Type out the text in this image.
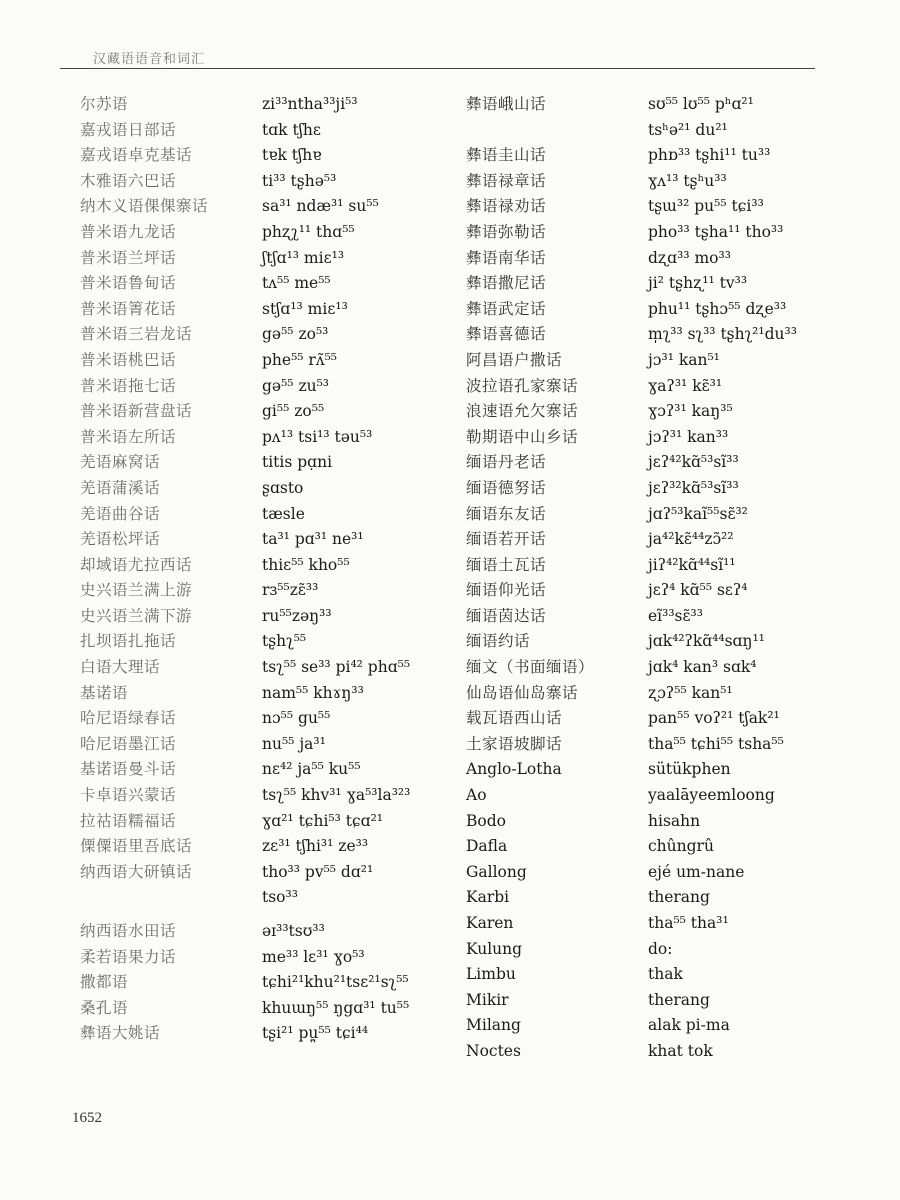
汉藏语语音和词汇
尔苏语
嘉戎语日部话
嘉戎语卓克基话
木雅语六巴话
纳木义语倮倮寨话
普米语九龙话
普米语兰坪话
普米语鲁甸话
普米语箐花话
普米语三岩龙话
普米语桃巴话
普米语拖七话
普米语新营盘话
普米语左所话
羌语麻窝话
羌语蒲溪话
羌语曲谷话
羌语松坪话
却域语尤拉西话
史兴语兰满上游
史兴语兰满下游
扎坝语扎拖话
白语大理话
基诺语
哈尼语绿春话
哈尼语墨江话
基诺语曼斗话
卡卓语兴蒙话
拉祜语糯福话
傈僳语里吾底话
纳西语大研镇话
纳西语水田话
柔若语果力话
撒都语
桑孔语
彝语大姚话
zi³³ntha³³ji⁵³
tɑk tʃhɛ
tɐk tʃhɐ
ti³³ tʂhə⁵³
sa³¹ ndæ³¹ su⁵⁵
phʐʅ¹¹ thɑ⁵⁵
ʃtʃɑ¹³ miɛ¹³
tʌ⁵⁵ me⁵⁵
stʃɑ¹³ miɛ¹³
gə⁵⁵ zo⁵³
phe⁵⁵ rʌ̃⁵⁵
gə⁵⁵ zu⁵³
gi⁵⁵ zo⁵⁵
pʌ¹³ tsi¹³ təu⁵³
titis pɑ̣ni
ʂɑsto
tæsle
ta³¹ pɑ³¹ ne³¹
thiɛ⁵⁵ kho⁵⁵
rɜ⁵⁵zɛ̃³³
ru⁵⁵zəŋ³³
tʂhʅ⁵⁵
tsʅ⁵⁵ se³³ pi⁴² phɑ⁵⁵
nam⁵⁵ khɤŋ³³
nɔ⁵⁵ gu⁵⁵
nu⁵⁵ ja³¹
nɛ⁴² ja⁵⁵ ku⁵⁵
tsʅ⁵⁵ khv³¹ ɣa⁵³la³²³
ɣɑ²¹ tɕhi⁵³ tɕɑ²¹
zɛ³¹ tʃhi³¹ ze³³
tho³³ pv⁵⁵ dɑ²¹
tso³³
əɪ³³tsʊ³³
me³³ lɛ³¹ ɣo⁵³
tɕhi²¹khu²¹tsɛ²¹sʅ⁵⁵
khuɯŋ⁵⁵ ŋgɑ³¹ tu⁵⁵
tʂi²¹ pu̪⁵⁵ tɕi⁴⁴
彝语峨山话
彝语圭山话
彝语禄章话
彝语禄劝话
彝语弥勒话
彝语南华话
彝语撒尼话
彝语武定话
彝语喜德话
阿昌语户撒话
波拉语孔家寨话
浪速语允欠寨话
勒期语中山乡话
缅语丹老话
缅语德努话
缅语东友话
缅语若开话
缅语土瓦话
缅语仰光话
缅语茵达话
缅语约话
缅文（书面缅语）
仙岛语仙岛寨话
载瓦语西山话
土家语坡脚话
Anglo-Lotha
Ao
Bodo
Dafla
Gallong
Karbi
Karen
Kulung
Limbu
Mikir
Milang
Noctes
sʊ⁵⁵ lʊ⁵⁵ pʰɑ²¹
tsʰə²¹ du²¹
phɒ³³ tʂhi¹¹ tu³³
ɣʌ¹³ tʂʰu³³
tʂɯ³² pu⁵⁵ tɕi³³
pho³³ tʂha¹¹ tho³³
dʐɑ³³ mo³³
ji² tʂhʐ¹¹ tv³³
phu¹¹ tʂhɔ⁵⁵ dʐe³³
m̩ʅ³³ sʅ³³ tʂhʅ²¹du³³
jɔ³¹ kan⁵¹
ɣaʔ³¹ kɛ̃³¹
ɣɔʔ³¹ kaŋ³⁵
jɔʔ³¹ kan³³
jɛʔ⁴²kɑ̃⁵³sĩ³³
jɛʔ³²kɑ̃⁵³sĩ³³
jɑʔ⁵³kaĩ⁵⁵sɛ̃³²
ja⁴²kɛ̃⁴⁴zɔ̃²²
jiʔ⁴²kɑ̃⁴⁴sĩ¹¹
jɛʔ⁴ kɑ̃⁵⁵ sɛʔ⁴
eĩ³³sɛ̃³³
jɑk⁴²ʔkɑ̃⁴⁴sɑŋ¹¹
jɑk⁴ kan³ sɑk⁴
ʐɔʔ⁵⁵ kan⁵¹
pan⁵⁵ voʔ²¹ tʃak²¹
tha⁵⁵ tɕhi⁵⁵ tsha⁵⁵
sütükphen
yaalāyeemloong
hisahn
chûngrû
ejé um-nane
therang
tha⁵⁵ tha³¹
do:
thak
therang
alak pi-ma
khat tok
1652
